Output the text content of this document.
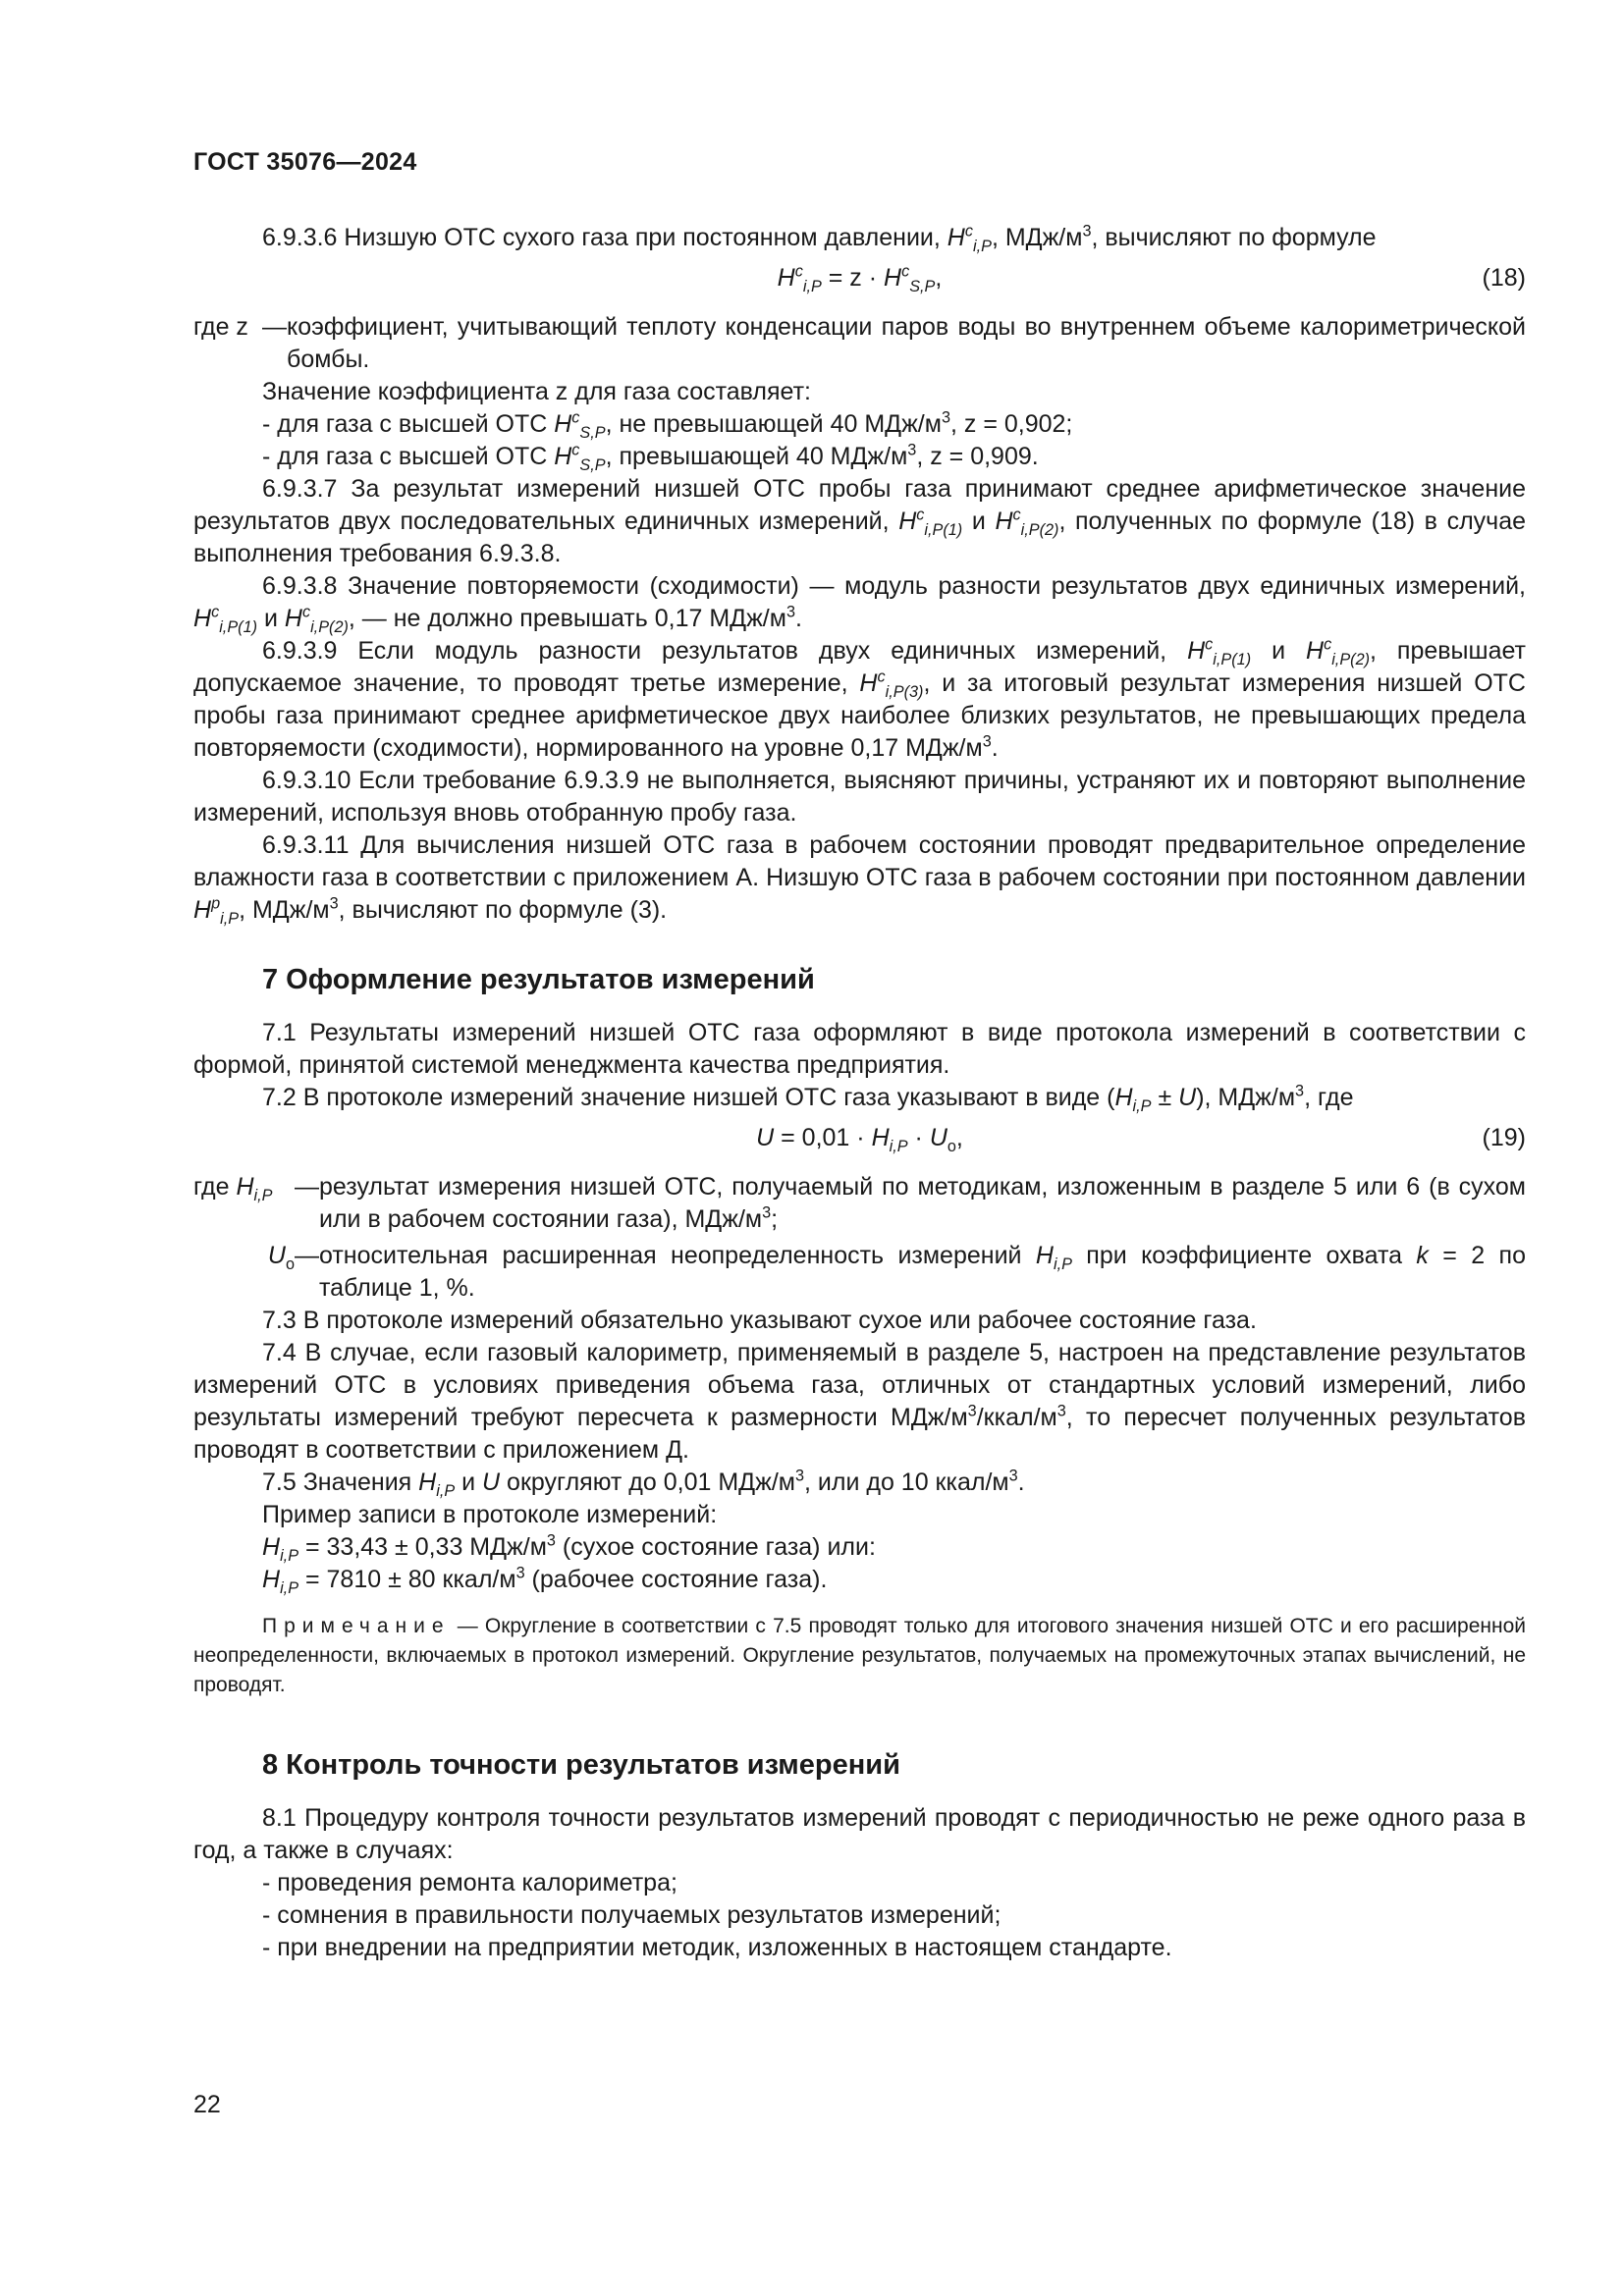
ГОСТ 35076—2024

6.9.3.6 Низшую ОТС сухого газа при постоянном давлении, $H^c_{i,P}$, МДж/$м^3$, вычисляют по формуле

$H^c_{i,P} = z \cdot H^c_{S,P}$,	(18)
где z — коэффициент, учитывающий теплоту конденсации паров воды во внутреннем объеме калориметрической бомбы.

Значение коэффициента z для газа составляет:

- для газа с высшей ОТС $H^c_{S,P}$, не превышающей 40 МДж/$м^3$, z = 0,902;

- для газа с высшей ОТС $H^c_{S,P}$, превышающей 40 МДж/$м^3$, z = 0,909.

6.9.3.7 За результат измерений низшей ОТС пробы газа принимают среднее арифметическое значение результатов двух последовательных единичных измерений, $H^c_{i,P(1)}$ и $H^c_{i,P(2)}$, полученных по формуле (18) в случае выполнения требования 6.9.3.8.

6.9.3.8 Значение повторяемости (сходимости) — модуль разности результатов двух единичных измерений, $H^c_{i,P(1)}$ и $H^c_{i,P(2)}$, — не должно превышать 0,17 МДж/$м^3$.

6.9.3.9 Если модуль разности результатов двух единичных измерений, $H^c_{i,P(1)}$ и $H^c_{i,P(2)}$, превышает допускаемое значение, то проводят третье измерение, $H^c_{i,P(3)}$, и за итоговый результат измерения низшей ОТС пробы газа принимают среднее арифметическое двух наиболее близких результатов, не превышающих предела повторяемости (сходимости), нормированного на уровне 0,17 МДж/$м^3$.

6.9.3.10 Если требование 6.9.3.9 не выполняется, выясняют причины, устраняют их и повторяют выполнение измерений, используя вновь отобранную пробу газа.

6.9.3.11 Для вычисления низшей ОТС газа в рабочем состоянии проводят предварительное определение влажности газа в соответствии с приложением А. Низшую ОТС газа в рабочем состоянии при постоянном давлении $H^р_{i,P}$, МДж/$м^3$, вычисляют по формуле (3).

7 Оформление результатов измерений

7.1 Результаты измерений низшей ОТС газа оформляют в виде протокола измерений в соответствии с формой, принятой системой менеджмента качества предприятия.

7.2 В протоколе измерений значение низшей ОТС газа указывают в виде $(H_{i,P} \pm U)$, МДж/$м^3$, где

$U = 0,01 \cdot H_{i,P} \cdot U_о$,	(19)
где $H_{i,P}$ — результат измерения низшей ОТС, получаемый по методикам, изложенным в разделе 5 или 6 (в сухом или в рабочем состоянии газа), МДж/$м^3$;
$U_о$ — относительная расширенная неопределенность измерений $H_{i,P}$ при коэффициенте охвата k = 2 по таблице 1, %.

7.3 В протоколе измерений обязательно указывают сухое или рабочее состояние газа.

7.4 В случае, если газовый калориметр, применяемый в разделе 5, настроен на представление результатов измерений ОТС в условиях приведения объема газа, отличных от стандартных условий измерений, либо результаты измерений требуют пересчета к размерности МДж/$м^3/ккал/м^3$, то пересчет полученных результатов проводят в соответствии с приложением Д.

7.5 Значения $H_{i,P}$ и U округляют до 0,01 МДж/$м^3$, или до 10 ккал/$м^3$.

Пример записи в протоколе измерений:

$H_{i,P} = 33,43 \pm 0,33$ МДж/$м^3$ (сухое состояние газа) или:

$H_{i,P} = 7810 \pm 80$ ккал/$м^3$ (рабочее состояние газа).

Примечание — Округление в соответствии с 7.5 проводят только для итогового значения низшей ОТС и его расширенной неопределенности, включаемых в протокол измерений. Округление результатов, получаемых на промежуточных этапах вычислений, не проводят.

8 Контроль точности результатов измерений

8.1 Процедуру контроля точности результатов измерений проводят с периодичностью не реже одного раза в год, а также в случаях:

- проведения ремонта калориметра;

- сомнения в правильности получаемых результатов измерений;

- при внедрении на предприятии методик, изложенных в настоящем стандарте.

22
